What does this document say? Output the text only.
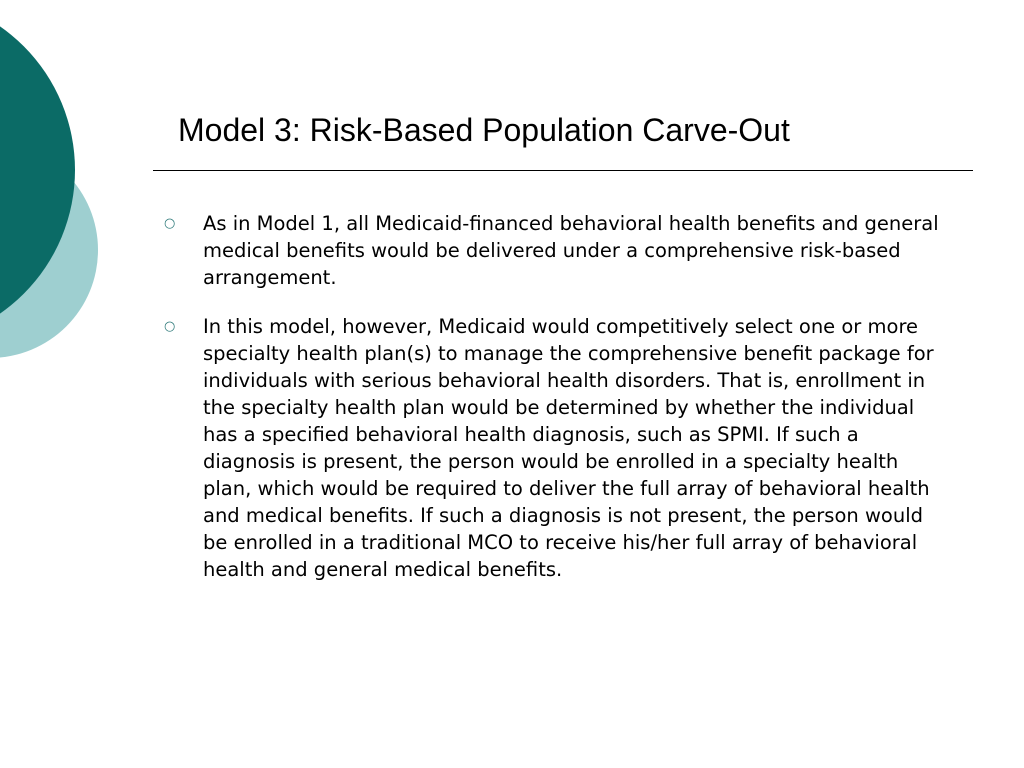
Model 3: Risk-Based Population Carve-Out
○ As in Model 1, all Medicaid-financed behavioral health benefits and general medical benefits would be delivered under a comprehensive risk-based arrangement.
○ In this model, however, Medicaid would competitively select one or more specialty health plan(s) to manage the comprehensive benefit package for individuals with serious behavioral health disorders. That is, enrollment in the specialty health plan would be determined by whether the individual has a specified behavioral health diagnosis, such as SPMI. If such a diagnosis is present, the person would be enrolled in a specialty health plan, which would be required to deliver the full array of behavioral health and medical benefits. If such a diagnosis is not present, the person would be enrolled in a traditional MCO to receive his/her full array of behavioral health and general medical benefits.
